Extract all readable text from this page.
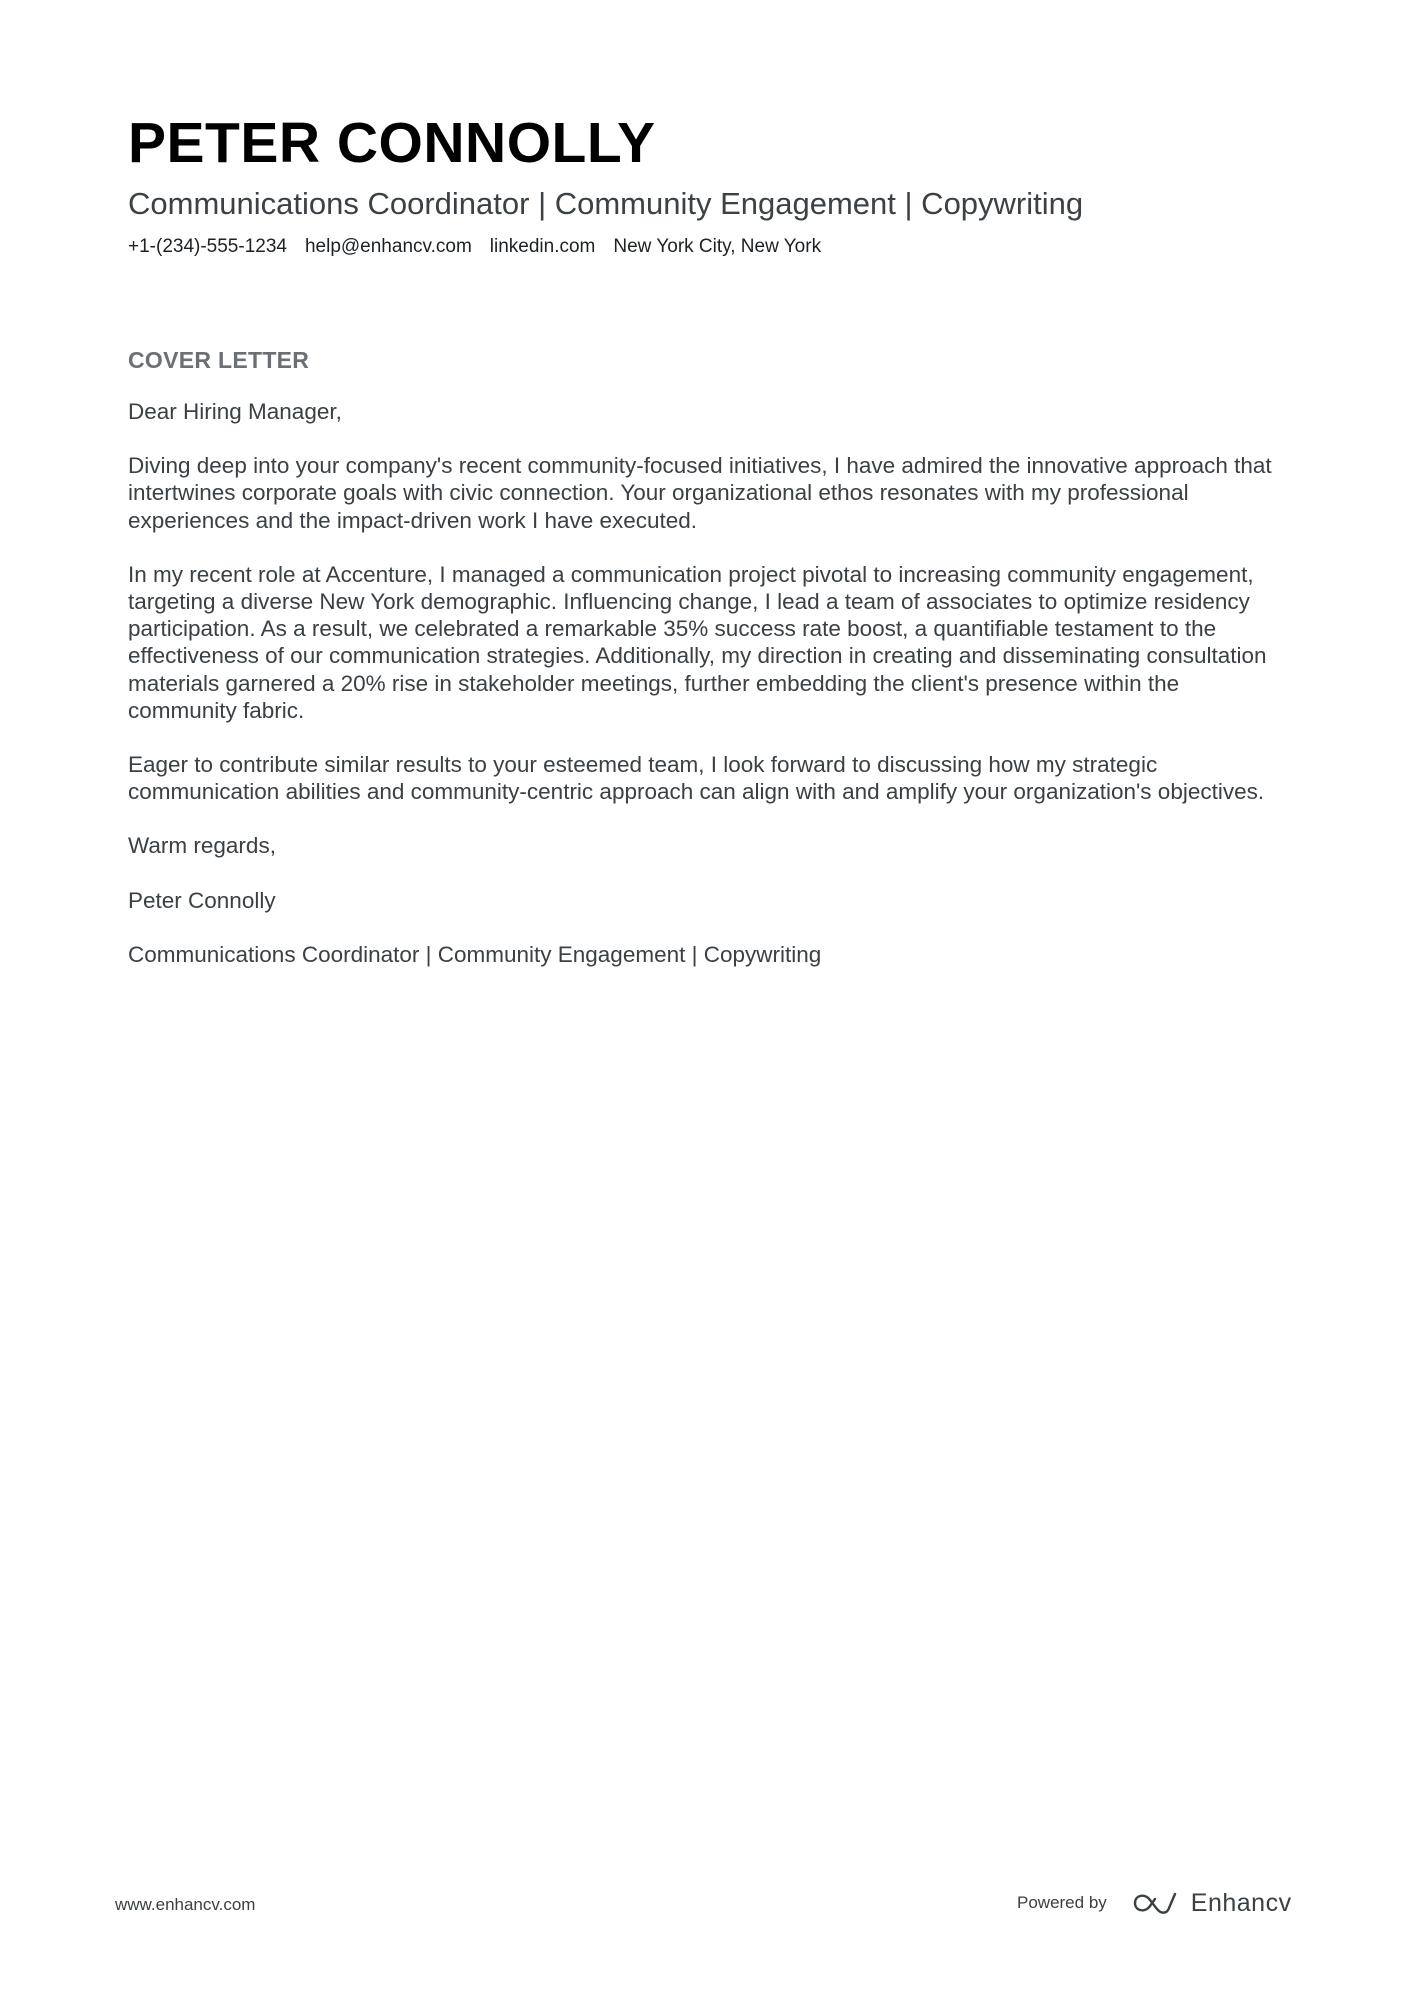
PETER CONNOLLY

Communications Coordinator | Community Engagement | Copywriting

+1-(234)-555-1234 help@enhancv.com linkedin.com New York City, New York
COVER LETTER

Dear Hiring Manager,

Diving deep into your company's recent community-focused initiatives, I have admired the innovative approach that intertwines corporate goals with civic connection. Your organizational ethos resonates with my professional experiences and the impact-driven work I have executed.

In my recent role at Accenture, I managed a communication project pivotal to increasing community engagement, targeting a diverse New York demographic. Influencing change, I lead a team of associates to optimize residency participation. As a result, we celebrated a remarkable 35% success rate boost, a quantifiable testament to the effectiveness of our communication strategies. Additionally, my direction in creating and disseminating consultation materials garnered a 20% rise in stakeholder meetings, further embedding the client's presence within the community fabric.

Eager to contribute similar results to your esteemed team, I look forward to discussing how my strategic communication abilities and community-centric approach can align with and amplify your organization's objectives.

Warm regards,

Peter Connolly

Communications Coordinator | Community Engagement | Copywriting

www.enhancv.com	Powered by	Enhancv
